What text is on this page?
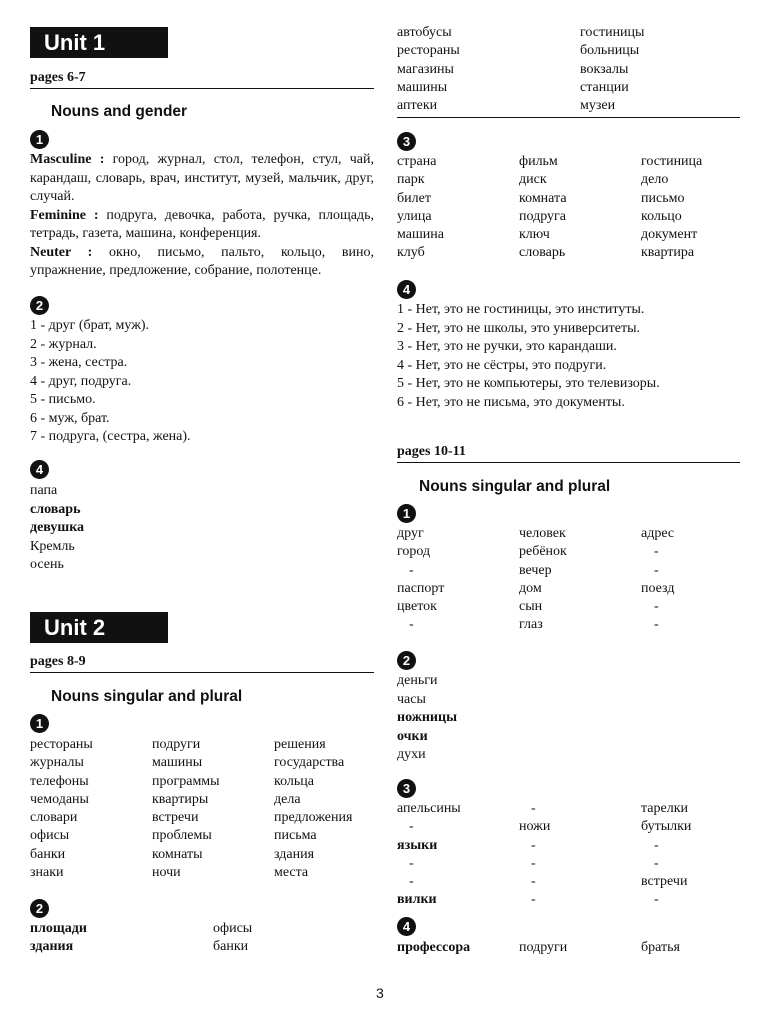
Unit 1
pages 6-7
Nouns and gender
1
Masculine : город, журнал, стол, телефон, стул, чай, карандаш, словарь, врач, институт, музей, мальчик, друг, случай.
Feminine : подруга, девочка, работа, ручка, площадь, тетрадь, газета, машина, конференция.
Neuter : окно, письмо, пальто, кольцо, вино, упражнение, предложение, собрание, полотенце.
2
1 - друг (брат, муж).
2 - журнал.
3 - жена, сестра.
4 - друг, подруга.
5 - письмо.
6 - муж, брат.
7 - подруга, (сестра, жена).
4
папа
словарь
девушка
Кремль
осень
Unit 2
pages 8-9
Nouns singular and plural
1
рестораны	подруги	решения
журналы	машины	государства
телефоны	программы	кольца
чемоданы	квартиры	дела
словари	встречи	предложения
офисы	проблемы	письма
банки	комнаты	здания
знаки	ночи	места
2
площади	офисы
здания	банки
автобусы	гостиницы
рестораны	больницы
магазины	вокзалы
машины	станции
аптеки	музеи
3
страна	фильм	гостиница
парк	диск	дело
билет	комната	письмо
улица	подруга	кольцо
машина	ключ	документ
клуб	словарь	квартира
4
1 - Нет, это не гостиницы, это институты.
2 - Нет, это не школы, это университеты.
3 - Нет, это не ручки, это карандаши.
4 - Нет, это не сёстры, это подруги.
5 - Нет, это не компьютеры, это телевизоры.
6 - Нет, это не письма, это документы.
pages 10-11
Nouns singular and plural
1
друг	человек	адрес
город	ребёнок	-
-	вечер	-
паспорт	дом	поезд
цветок	сын	-
-	глаз	-
2
деньги
часы
ножницы
очки
духи
3
апельсины	-	тарелки
-	ножи	бутылки
языки	-	-
-	-	-
-	-	встречи
вилки	-	-
4
профессора	подруги	братья
3
